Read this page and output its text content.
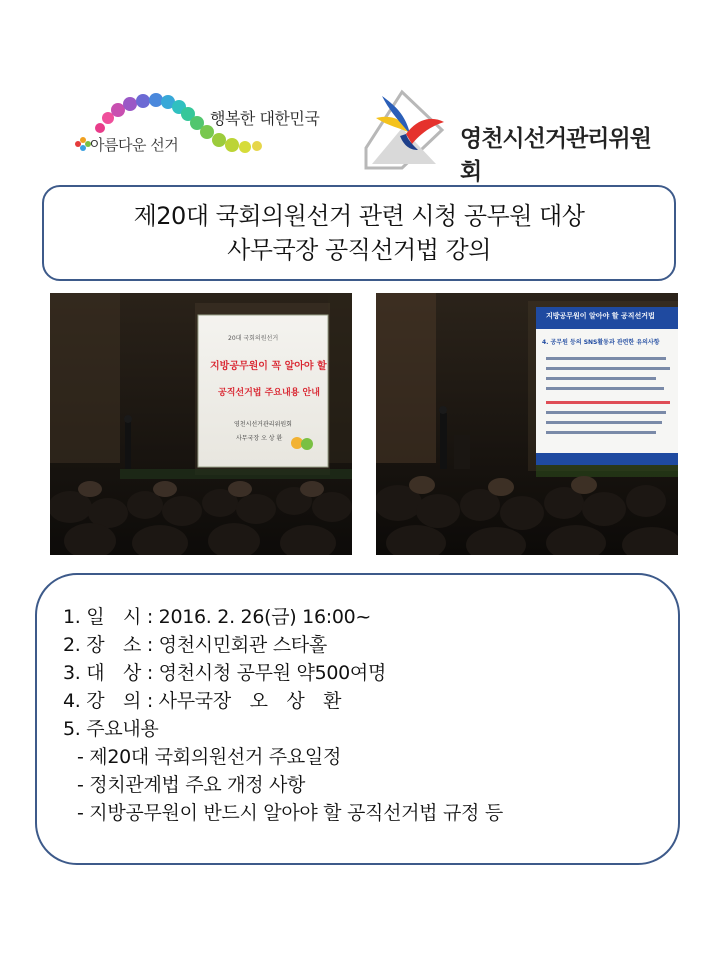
행복한 대한민국
아름다운 선거	영천시선거관리위원회
제20대 국회의원선거 관련 시청 공무원 대상
사무국장 공직선거법 강의
20대 국회의원선거
지방공무원이 꼭 알아야 할
공직선거법 주요내용 안내
영천시선거관리위원회
사무국장 오 상 환
지방공무원이 알아야 할 공직선거법
4. 공무원 등의 SNS활동과 관련한 유의사항
1. 일　시 : 2016. 2. 26(금) 16:00~
2. 장　소 : 영천시민회관 스타홀
3. 대　상 : 영천시청 공무원 약500여명
4. 강　의 : 사무국장　오　상　환
5. 주요내용
- 제20대 국회의원선거 주요일정
- 정치관계법 주요 개정 사항
- 지방공무원이 반드시 알아야 할 공직선거법 규정 등
